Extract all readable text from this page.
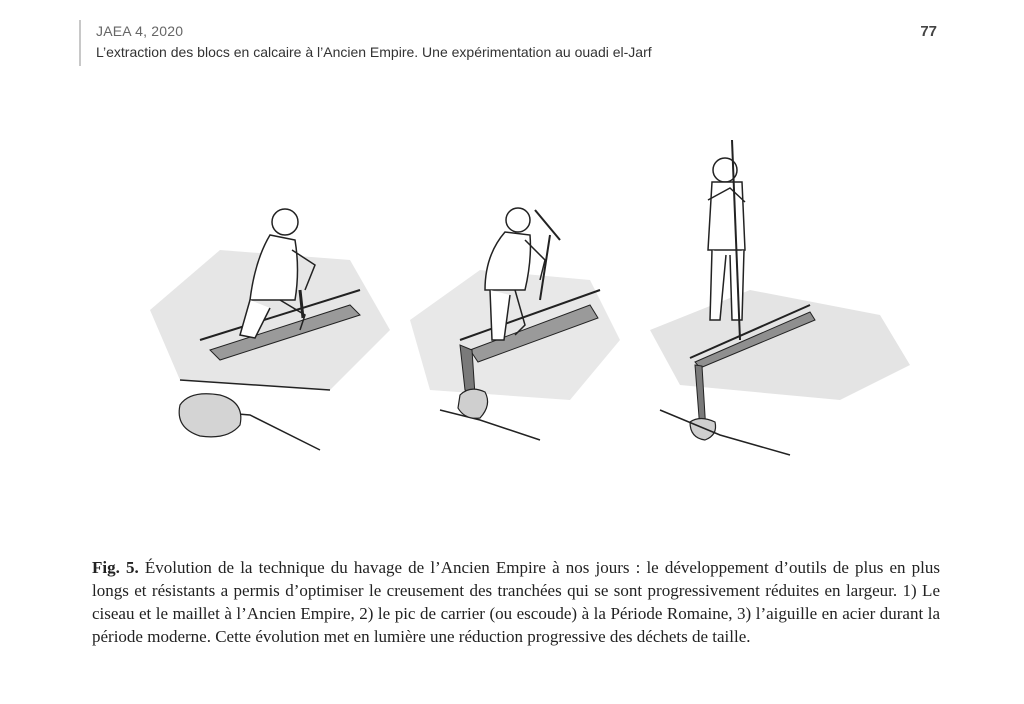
JAEA 4, 2020
L’extraction des blocs en calcaire à l’Ancien Empire. Une expérimentation au ouadi el-Jarf
77
Fig. 5. Évolution de la technique du havage de l’Ancien Empire à nos jours : le développement d’outils de plus en plus longs et résistants a permis d’optimiser le creusement des tranchées qui se sont progressivement réduites en largeur. 1) Le ciseau et le maillet à l’Ancien Empire, 2) le pic de carrier (ou escoude) à la Période Romaine, 3) l’aiguille en acier durant la période moderne. Cette évolution met en lumière une réduction progressive des déchets de taille.
